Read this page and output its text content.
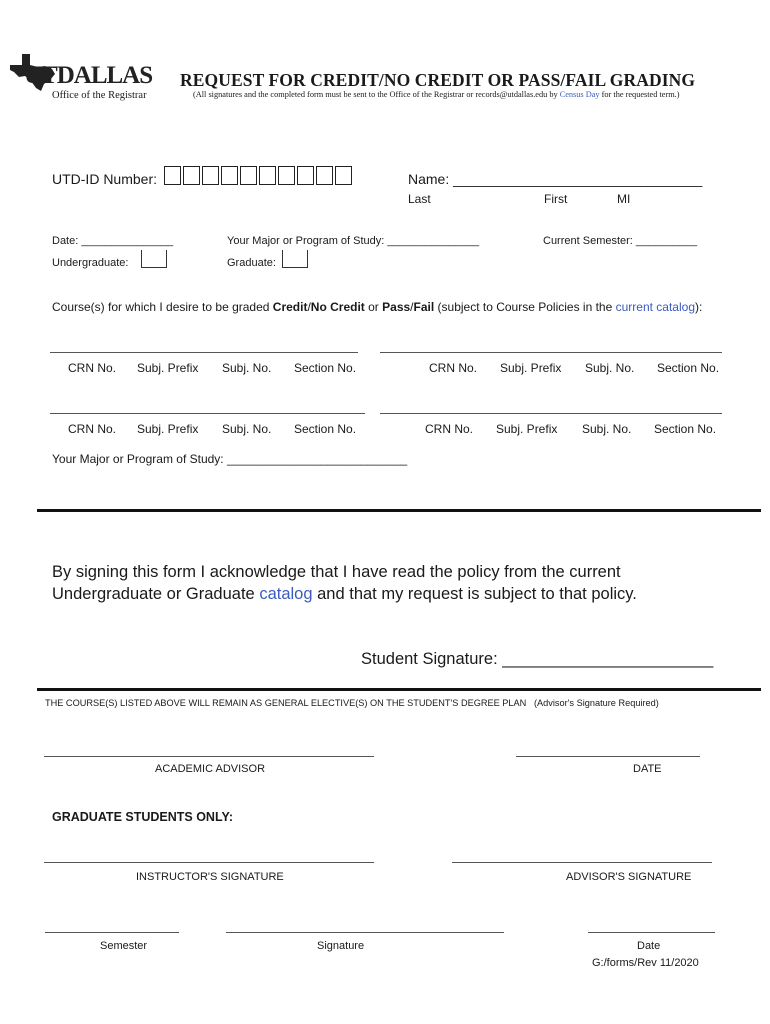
UTDALLAS
Office of the Registrar
REQUEST FOR CREDIT/NO CREDIT OR PASS/FAIL GRADING
(All signatures and the completed form must be sent to the Office of the Registrar or records@utdallas.edu by Census Day for the requested term.)
UTD-ID Number:	Name: ________________________________
Last	First	MI
Date: _______________	Your Major or Program of Study: _______________	Current Semester: __________
Undergraduate:	Graduate:
Course(s) for which I desire to be graded Credit/No Credit or Pass/Fail (subject to Course Policies in the current catalog):
CRN No. Subj. Prefix Subj. No. Section No.	CRN No. Subj. Prefix Subj. No. Section No.
CRN No. Subj. Prefix Subj. No. Section No.	CRN No. Subj. Prefix Subj. No. Section No.
Your Major or Program of Study: ___________________________
By signing this form I acknowledge that I have read the policy from the current
Undergraduate or Graduate catalog and that my request is subject to that policy.
Student Signature: _______________________
THE COURSE(S) LISTED ABOVE WILL REMAIN AS GENERAL ELECTIVE(S) ON THE STUDENT'S DEGREE PLAN (Advisor's Signature Required)
ACADEMIC ADVISOR	DATE
GRADUATE STUDENTS ONLY:
INSTRUCTOR'S SIGNATURE	ADVISOR'S SIGNATURE
Semester	Signature	Date
G:/forms/Rev 11/2020
